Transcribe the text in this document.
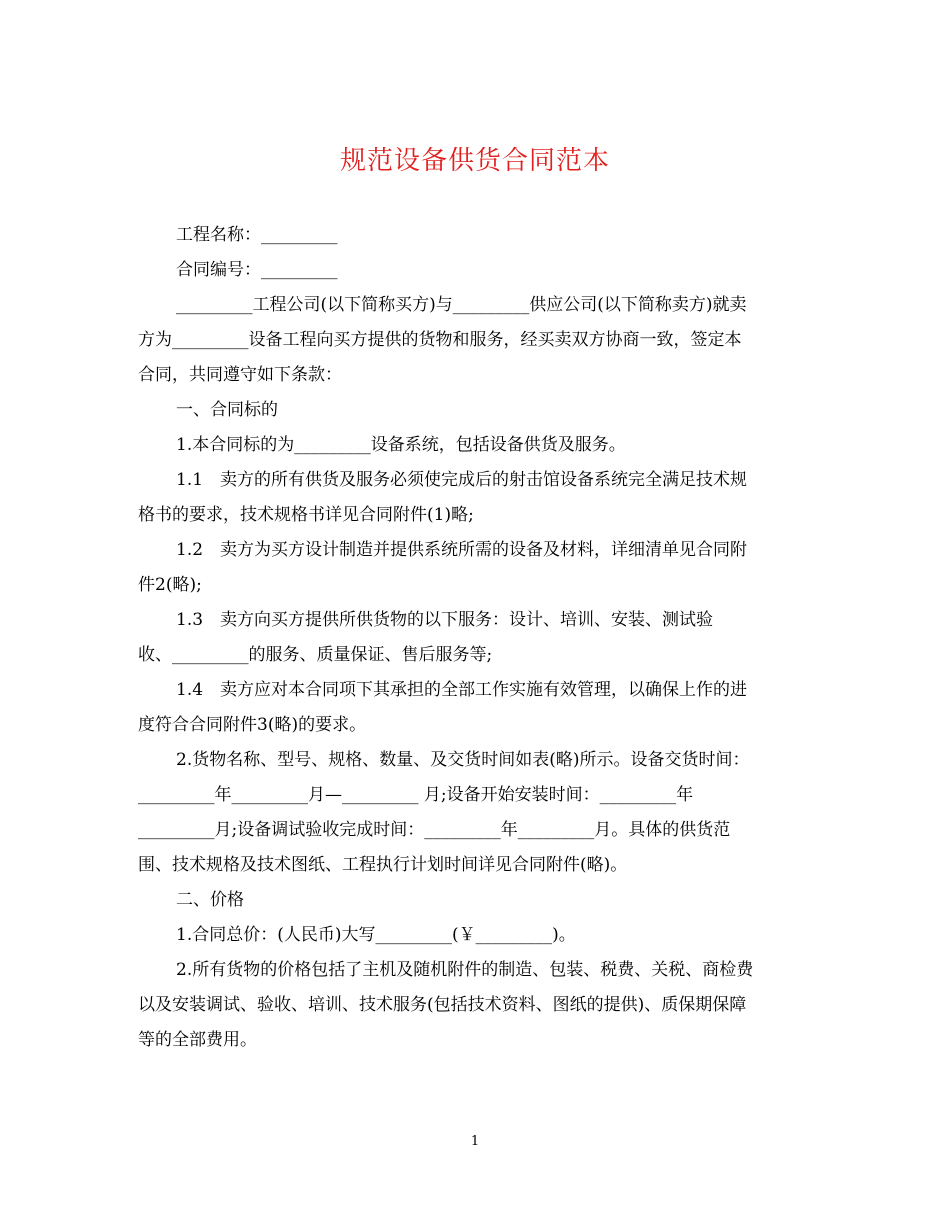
规范设备供货合同范本
工程名称：_________
合同编号：_________
_________工程公司(以下简称买方)与_________供应公司(以下简称卖方)就卖
方为_________设备工程向买方提供的货物和服务，经买卖双方协商一致，签定本
合同，共同遵守如下条款：
一、合同标的
1.本合同标的为_________设备系统，包括设备供货及服务。
1.1　卖方的所有供货及服务必须使完成后的射击馆设备系统完全满足技术规
格书的要求，技术规格书详见合同附件(1)略;
1.2　卖方为买方设计制造并提供系统所需的设备及材料，详细清单见合同附
件2(略);
1.3　卖方向买方提供所供货物的以下服务：设计、培训、安装、测试验
收、_________的服务、质量保证、售后服务等;
1.4　卖方应对本合同项下其承担的全部工作实施有效管理，以确保上作的进
度符合合同附件3(略)的要求。
2.货物名称、型号、规格、数量、及交货时间如表(略)所示。设备交货时间：
_________年_________月—_________ 月;设备开始安装时间：_________年
_________月;设备调试验收完成时间：_________年_________月。具体的供货范
围、技术规格及技术图纸、工程执行计划时间详见合同附件(略)。
二、价格
1.合同总价：(人民币)大写_________(￥_________)。
2.所有货物的价格包括了主机及随机附件的制造、包装、税费、关税、商检费
以及安装调试、验收、培训、技术服务(包括技术资料、图纸的提供)、质保期保障
等的全部费用。
1
